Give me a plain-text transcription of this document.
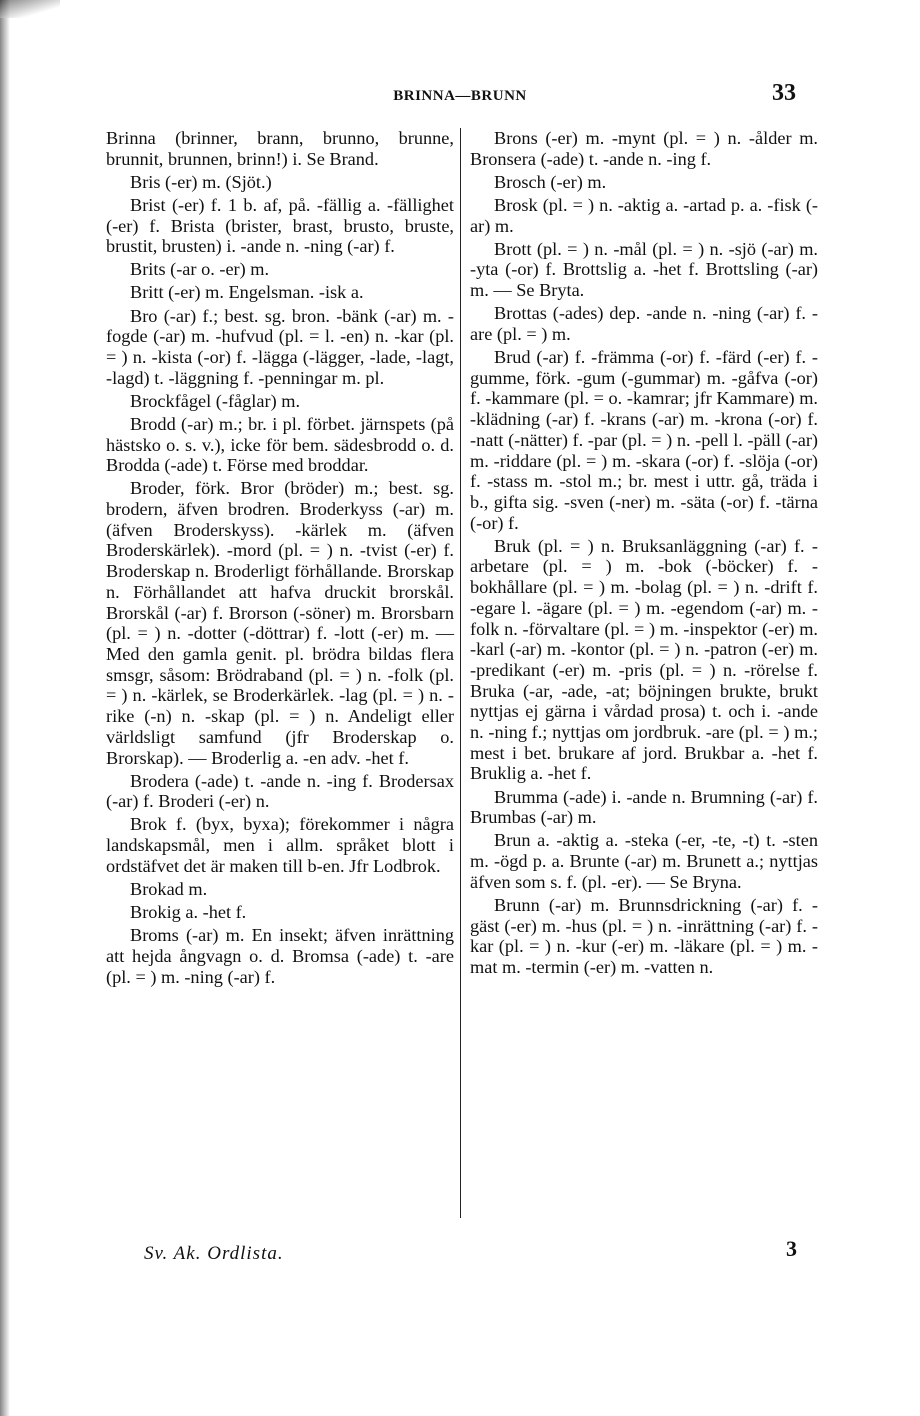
BRINNA—BRUNN	33

Brinna (brinner, brann, brunno, brunne, brunnit, brunnen, brinn!) i. Se Brand.

Bris (-er) m. (Sjöt.)

Brist (-er) f. 1 b. af, på. -fällig a. -fällighet (-er) f. Brista (brister, brast, brusto, bruste, brustit, brusten) i. -ande n. -ning (-ar) f.

Brits (-ar o. -er) m.

Britt (-er) m. Engelsman. -isk a.

Bro (-ar) f.; best. sg. bron. -bänk (-ar) m. -fogde (-ar) m. -hufvud (pl. = l. -en) n. -kar (pl. = ) n. -kista (-or) f. -lägga (-lägger, -lade, -lagt, -lagd) t. -läggning f. -penningar m. pl.

Brockfågel (-fåglar) m.

Brodd (-ar) m.; br. i pl. förbet. järnspets (på hästsko o. s. v.), icke för bem. sädesbrodd o. d. Brodda (-ade) t. Förse med broddar.

Broder, förk. Bror (bröder) m.; best. sg. brodern, äfven brodren. Broderkyss (-ar) m. (äfven Broderskyss). -kärlek m. (äfven Broderskärlek). -mord (pl. = ) n. -tvist (-er) f. Broderskap n. Broderligt förhållande. Brorskap n. Förhållandet att hafva druckit brorskål. Brorskål (-ar) f. Brorson (-söner) m. Brorsbarn (pl. = ) n. -dotter (-döttrar) f. -lott (-er) m. — Med den gamla genit. pl. brödra bildas flera smsgr, såsom: Brödraband (pl. = ) n. -folk (pl. = ) n. -kärlek, se Broderkärlek. -lag (pl. = ) n. -rike (-n) n. -skap (pl. = ) n. Andeligt eller världsligt samfund (jfr Broderskap o. Brorskap). — Broderlig a. -en adv. -het f.

Brodera (-ade) t. -ande n. -ing f. Brodersax (-ar) f. Broderi (-er) n.

Brok f. (byx, byxa); förekommer i några landskapsmål, men i allm. språket blott i ordstäfvet det är maken till b-en. Jfr Lodbrok.

Brokad m.

Brokig a. -het f.

Broms (-ar) m. En insekt; äfven inrättning att hejda ångvagn o. d. Bromsa (-ade) t. -are (pl. = ) m. -ning (-ar) f.

Brons (-er) m. -mynt (pl. = ) n. -ålder m. Bronsera (-ade) t. -ande n. -ing f.

Brosch (-er) m.

Brosk (pl. = ) n. -aktig a. -artad p. a. -fisk (-ar) m.

Brott (pl. = ) n. -mål (pl. = ) n. -sjö (-ar) m. -yta (-or) f. Brottslig a. -het f. Brottsling (-ar) m. — Se Bryta.

Brottas (-ades) dep. -ande n. -ning (-ar) f. -are (pl. = ) m.

Brud (-ar) f. -främma (-or) f. -färd (-er) f. -gumme, förk. -gum (-gummar) m. -gåfva (-or) f. -kammare (pl. = o. -kamrar; jfr Kammare) m. -klädning (-ar) f. -krans (-ar) m. -krona (-or) f. -natt (-nätter) f. -par (pl. = ) n. -pell l. -päll (-ar) m. -riddare (pl. = ) m. -skara (-or) f. -slöja (-or) f. -stass m. -stol m.; br. mest i uttr. gå, träda i b., gifta sig. -sven (-ner) m. -säta (-or) f. -tärna (-or) f.

Bruk (pl. = ) n. Bruksanläggning (-ar) f. -arbetare (pl. = ) m. -bok (-böcker) f. -bokhållare (pl. = ) m. -bolag (pl. = ) n. -drift f. -egare l. -ägare (pl. = ) m. -egendom (-ar) m. -folk n. -förvaltare (pl. = ) m. -inspektor (-er) m. -karl (-ar) m. -kontor (pl. = ) n. -patron (-er) m. -predikant (-er) m. -pris (pl. = ) n. -rörelse f. Bruka (-ar, -ade, -at; böjningen brukte, brukt nyttjas ej gärna i vårdad prosa) t. och i. -ande n. -ning f.; nyttjas om jordbruk. -are (pl. = ) m.; mest i bet. brukare af jord. Brukbar a. -het f. Bruklig a. -het f.

Brumma (-ade) i. -ande n. Brumning (-ar) f. Brumbas (-ar) m.

Brun a. -aktig a. -steka (-er, -te, -t) t. -sten m. -ögd p. a. Brunte (-ar) m. Brunett a.; nyttjas äfven som s. f. (pl. -er). — Se Bryna.

Brunn (-ar) m. Brunnsdrickning (-ar) f. -gäst (-er) m. -hus (pl. = ) n. -inrättning (-ar) f. -kar (pl. = ) n. -kur (-er) m. -läkare (pl. = ) m. -mat m. -termin (-er) m. -vatten n.

Sv. Ak. Ordlista.	3
